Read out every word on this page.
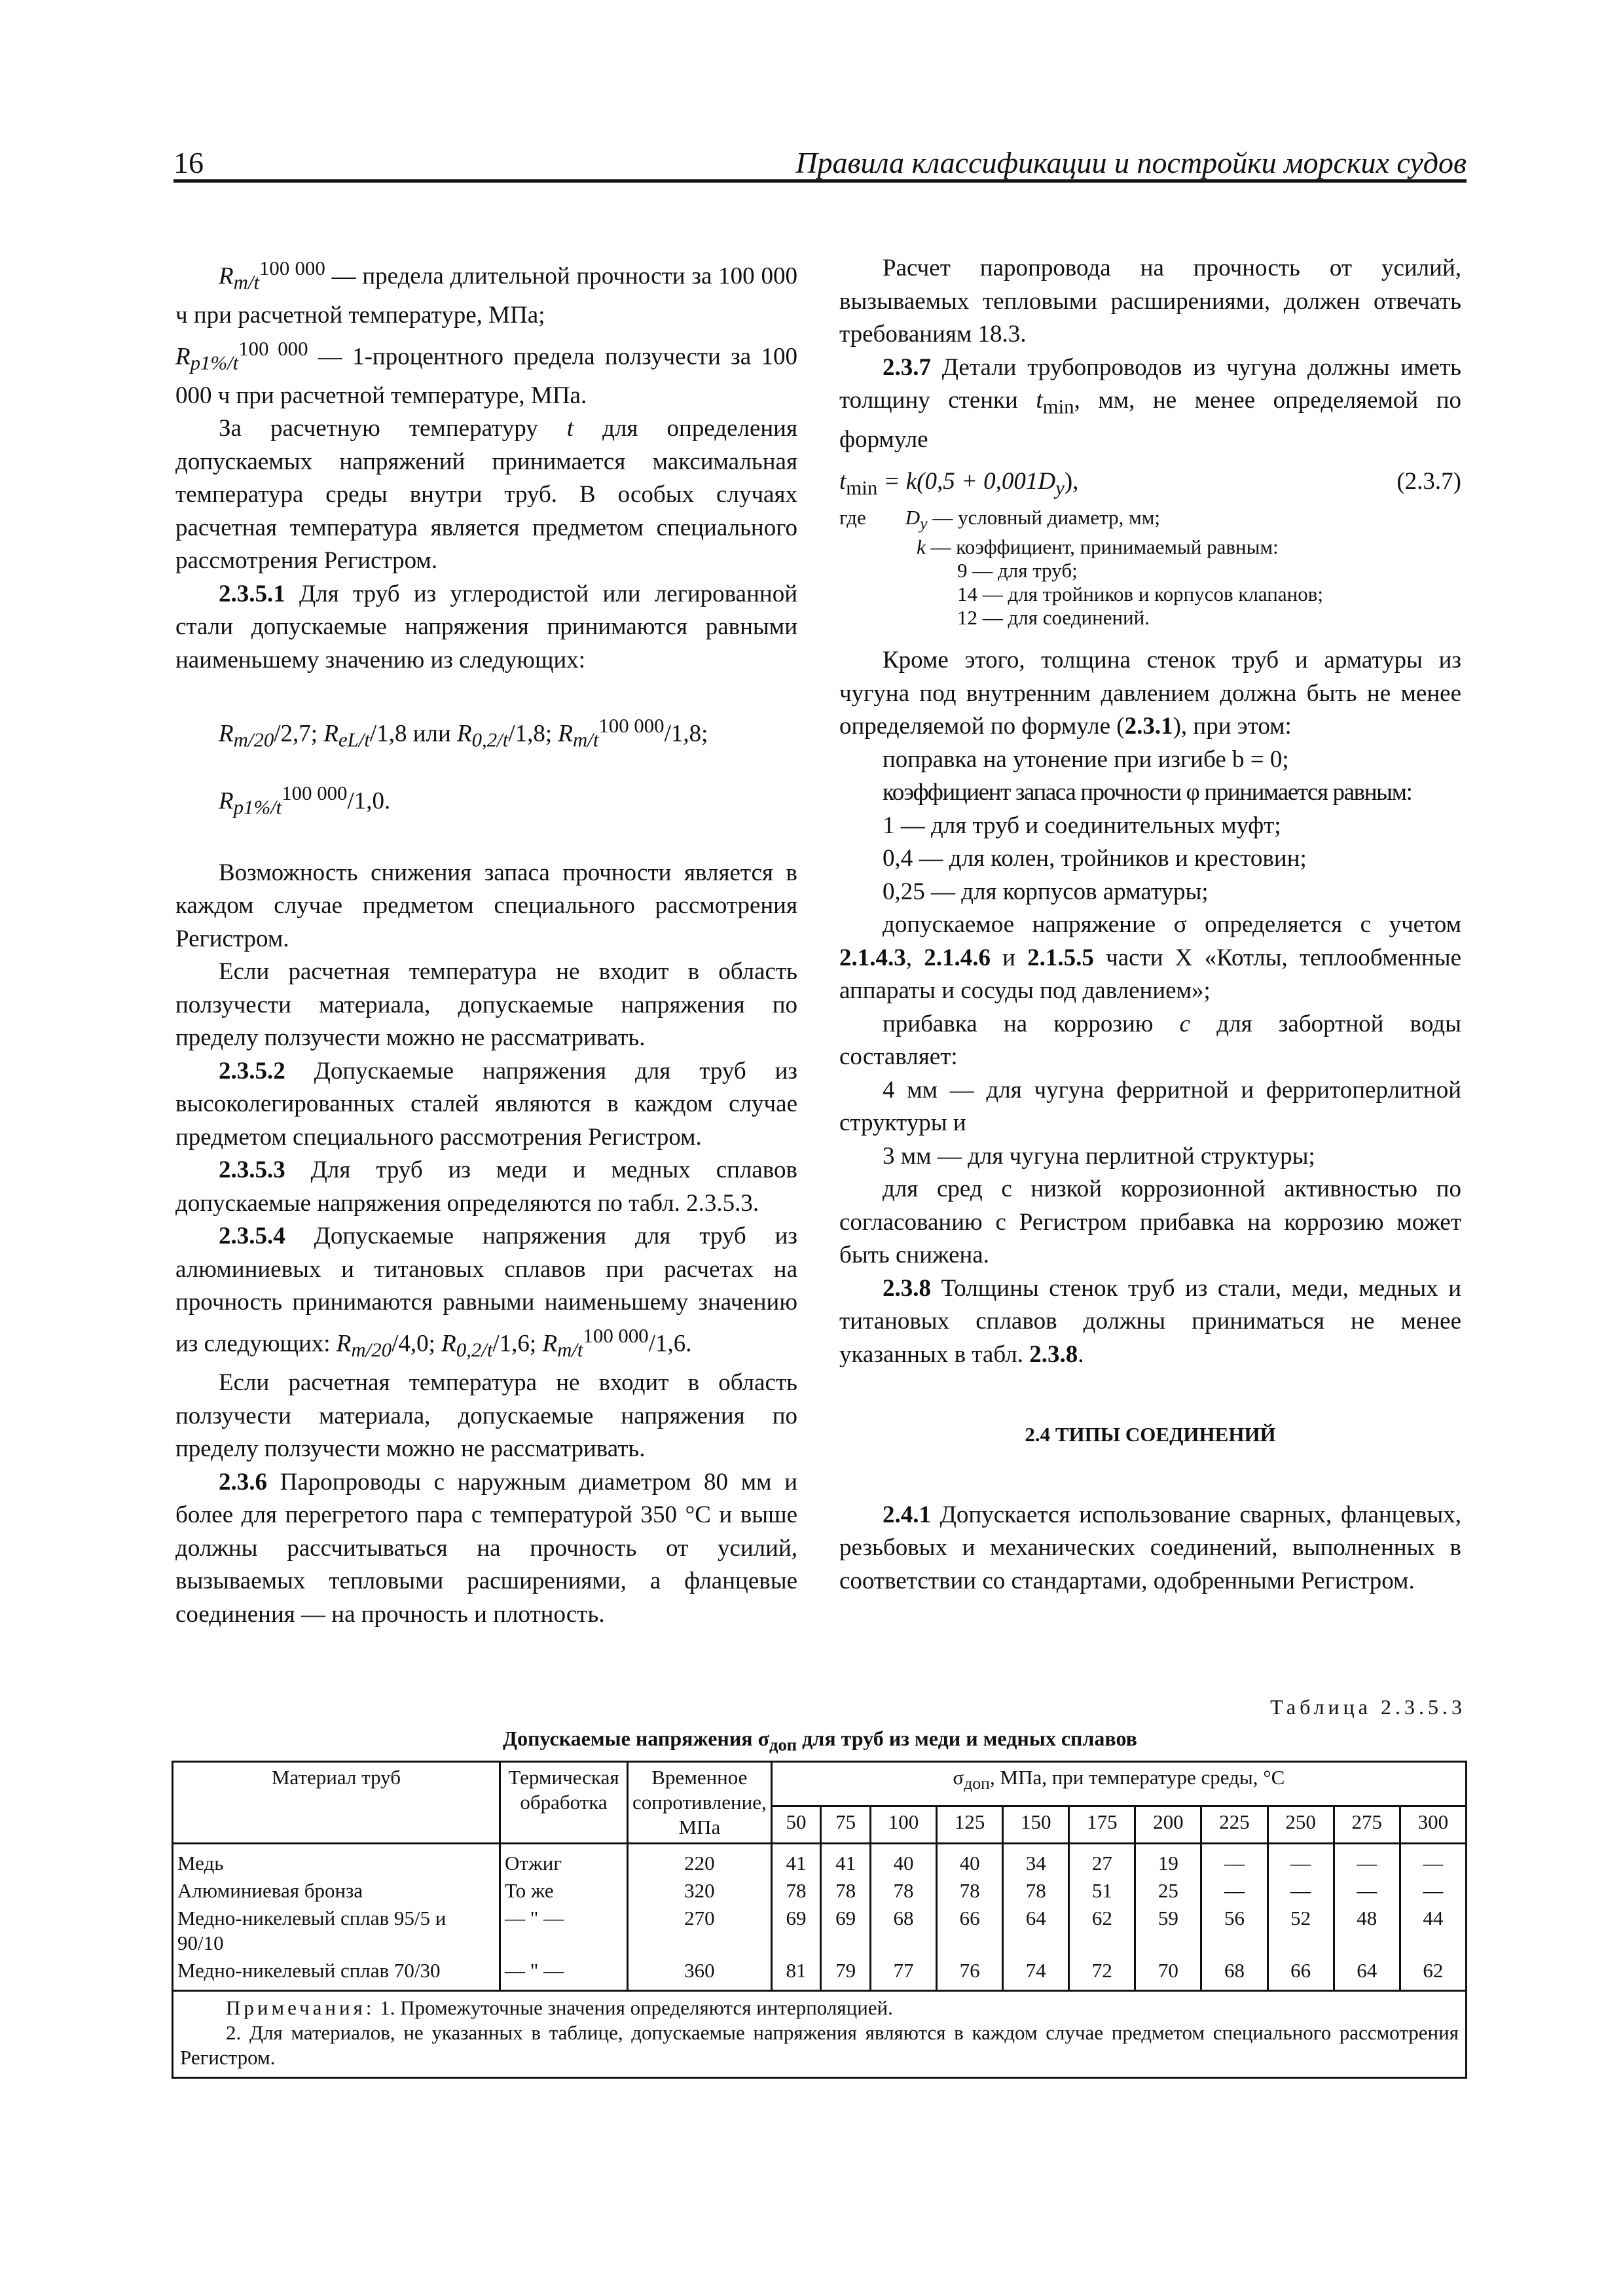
16	Правила классификации и постройки морских судов

$R_{m/t}^{100 000}$ — предела длительной прочности за 100 000 ч при расчетной температуре, МПа;

$R_{p1\%/t}^{100 000}$ — 1-процентного предела ползучести за 100 000 ч при расчетной температуре, МПа.

За расчетную температуру t для определения допускаемых напряжений принимается максимальная температура среды внутри труб. В особых случаях расчетная температура является предметом специального рассмотрения Регистром.

2.3.5.1 Для труб из углеродистой или легированной стали допускаемые напряжения принимаются равными наименьшему значению из следующих:

$R_{m/20}/2,7$; $R_{eL/t}/1,8$ или $R_{0,2/t}/1,8$; $R_{m/t}^{100 000}/1,8$;

$R_{p1\%/t}^{100 000}/1,0$.

Возможность снижения запаса прочности является в каждом случае предметом специального рассмотрения Регистром.

Если расчетная температура не входит в область ползучести материала, допускаемые напряжения по пределу ползучести можно не рассматривать.

2.3.5.2 Допускаемые напряжения для труб из высоколегированных сталей являются в каждом случае предметом специального рассмотрения Регистром.

2.3.5.3 Для труб из меди и медных сплавов допускаемые напряжения определяются по табл. 2.3.5.3.

2.3.5.4 Допускаемые напряжения для труб из алюминиевых и титановых сплавов при расчетах на прочность принимаются равными наименьшему значению из следующих: $R_{m/20}/4,0$; $R_{0,2/t}/1,6$; $R_{m/t}^{100 000}/1,6$.

Если расчетная температура не входит в область ползучести материала, допускаемые напряжения по пределу ползучести можно не рассматривать.

2.3.6 Паропроводы с наружным диаметром 80 мм и более для перегретого пара с температурой 350 °С и выше должны рассчитываться на прочность от усилий, вызываемых тепловыми расширениями, а фланцевые соединения — на прочность и плотность.

Расчет паропровода на прочность от усилий, вызываемых тепловыми расширениями, должен отвечать требованиям 18.3.

2.3.7 Детали трубопроводов из чугуна должны иметь толщину стенки $t_{min}$, мм, не менее определяемой по формуле

$t_{min} = k(0,5 + 0,001D_y)$,	(2.3.7)
где $D_y$ — условный диаметр, мм;
k — коэффициент, принимаемый равным:
9 — для труб;
14 — для тройников и корпусов клапанов;
12 — для соединений.

Кроме этого, толщина стенок труб и арматуры из чугуна под внутренним давлением должна быть не менее определяемой по формуле (2.3.1), при этом:

поправка на утонение при изгибе b = 0;

коэффициент запаса прочности φ принимается равным:

1 — для труб и соединительных муфт;

0,4 — для колен, тройников и крестовин;

0,25 — для корпусов арматуры;

допускаемое напряжение σ определяется с учетом 2.1.4.3, 2.1.4.6 и 2.1.5.5 части X «Котлы, теплообменные аппараты и сосуды под давлением»;

прибавка на коррозию c для забортной воды составляет:

4 мм — для чугуна ферритной и ферритоперлитной структуры и

3 мм — для чугуна перлитной структуры;

для сред с низкой коррозионной активностью по согласованию с Регистром прибавка на коррозию может быть снижена.

2.3.8 Толщины стенок труб из стали, меди, медных и титановых сплавов должны приниматься не менее указанных в табл. 2.3.8.

2.4 ТИПЫ СОЕДИНЕНИЙ

2.4.1 Допускается использование сварных, фланцевых, резьбовых и механических соединений, выполненных в соответствии со стандартами, одобренными Регистром.

Таблица 2.3.5.3
Допускаемые напряжения $\sigma_{доп}$ для труб из меди и медных сплавов
Материал труб	Термическая обработка	Временное сопротивление, МПа	$\sigma_{доп}$, МПа, при температуре среды, °С										
			50	75	100	125	150	175	200	225	250	275	300
Медь	Отжиг	220	41	41	40	40	34	27	19	—	—	—	—
Алюминиевая бронза	То же	320	78	78	78	78	78	51	25	—	—	—	—
Медно-никелевый сплав 95/5 и 90/10	— " —	270	69	69	68	66	64	62	59	56	52	48	44
Медно-никелевый сплав 70/30	— " —	360	81	79	77	76	74	72	70	68	66	64	62

Примечания: 1. Промежуточные значения определяются интерполяцией.
2. Для материалов, не указанных в таблице, допускаемые напряжения являются в каждом случае предметом специального рассмотрения Регистром.													
